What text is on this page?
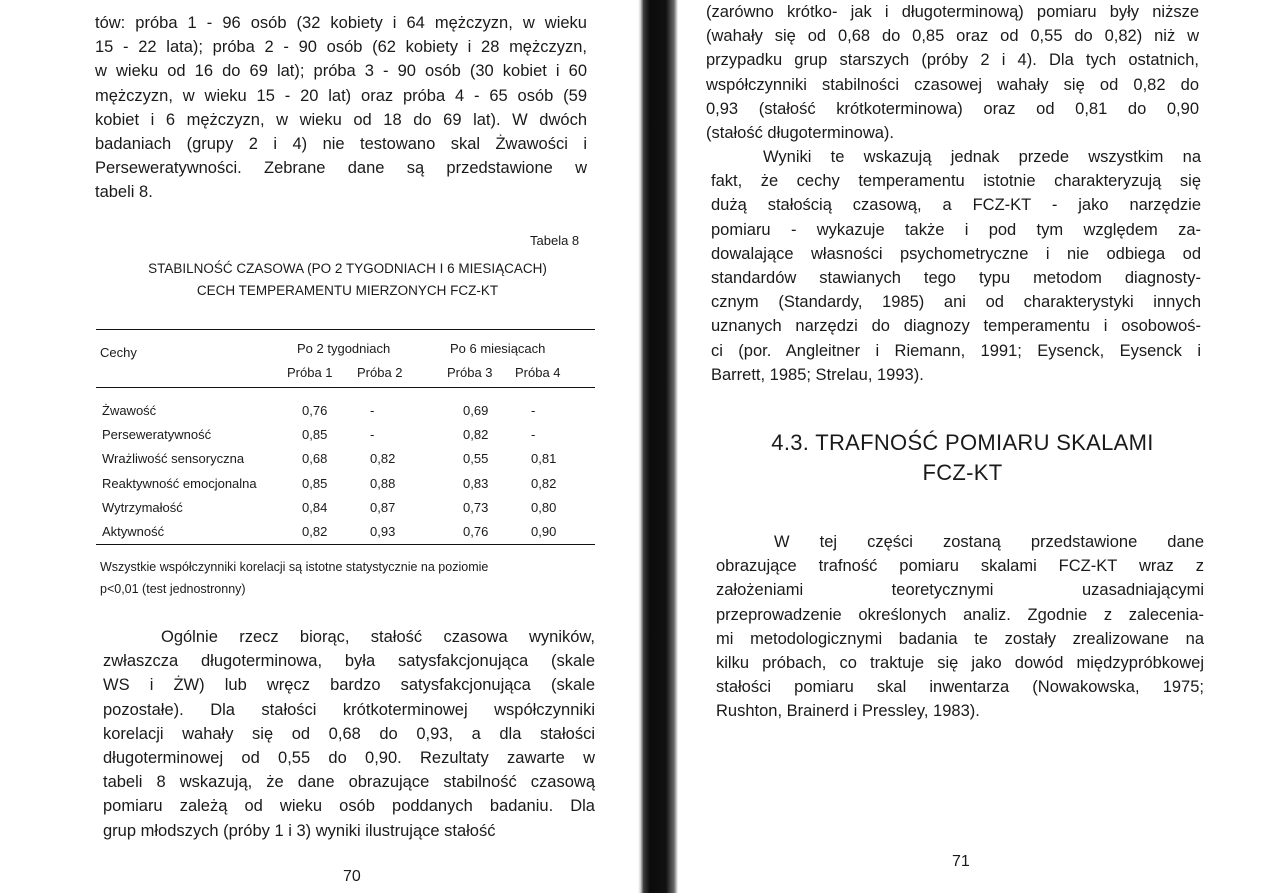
tów: próba 1 - 96 osób (32 kobiety i 64 mężczyzn, w wieku
15 - 22 lata); próba 2 - 90 osób (62 kobiety i 28 mężczyzn,
w wieku od 16 do 69 lat); próba 3 - 90 osób (30 kobiet i 60
mężczyzn, w wieku 15 - 20 lat) oraz próba 4 - 65 osób (59
kobiet i 6 mężczyzn, w wieku od 18 do 69 lat). W dwóch
badaniach (grupy 2 i 4) nie testowano skal Żwawości i
Perseweratywności. Zebrane dane są przedstawione w
tabeli 8.
Tabela 8
STABILNOŚĆ CZASOWA (PO 2 TYGODNIACH I 6 MIESIĄCACH)
CECH TEMPERAMENTU MIERZONYCH FCZ-KT
Cechy	Po 2 tygodniach	Po 6 miesiącach
Próba 1 Próba 2	Próba 3 Próba 4
Żwawość	0,76	-	0,69	-
Perseweratywność	0,85	-	0,82	-
Wrażliwość sensoryczna	0,68	0,82	0,55	0,81
Reaktywność emocjonalna	0,85	0,88	0,83	0,82
Wytrzymałość	0,84	0,87	0,73	0,80
Aktywność	0,82	0,93	0,76	0,90
Wszystkie współczynniki korelacji są istotne statystycznie na poziomie
p<0,01 (test jednostronny)
Ogólnie rzecz biorąc, stałość czasowa wyników,
zwłaszcza długoterminowa, była satysfakcjonująca (skale
WS i ŻW) lub wręcz bardzo satysfakcjonująca (skale
pozostałe). Dla stałości krótkoterminowej współczynniki
korelacji wahały się od 0,68 do 0,93, a dla stałości
długoterminowej od 0,55 do 0,90. Rezultaty zawarte w
tabeli 8 wskazują, że dane obrazujące stabilność czasową
pomiaru zależą od wieku osób poddanych badaniu. Dla
grup młodszych (próby 1 i 3) wyniki ilustrujące stałość
70
(zarówno krótko- jak i długoterminową) pomiaru były niższe
(wahały się od 0,68 do 0,85 oraz od 0,55 do 0,82) niż w
przypadku grup starszych (próby 2 i 4). Dla tych ostatnich,
współczynniki stabilności czasowej wahały się od 0,82 do
0,93 (stałość krótkoterminowa) oraz od 0,81 do 0,90
(stałość długoterminowa).
Wyniki te wskazują jednak przede wszystkim na
fakt, że cechy temperamentu istotnie charakteryzują się
dużą stałością czasową, a FCZ-KT - jako narzędzie
pomiaru - wykazuje także i pod tym względem za-
dowalające własności psychometryczne i nie odbiega od
standardów stawianych tego typu metodom diagnosty-
cznym (Standardy, 1985) ani od charakterystyki innych
uznanych narzędzi do diagnozy temperamentu i osobowoś-
ci (por. Angleitner i Riemann, 1991; Eysenck, Eysenck i
Barrett, 1985; Strelau, 1993).
4.3. TRAFNOŚĆ POMIARU SKALAMI
FCZ-KT
W tej części zostaną przedstawione dane
obrazujące trafność pomiaru skalami FCZ-KT wraz z
założeniami teoretycznymi uzasadniającymi
przeprowadzenie określonych analiz. Zgodnie z zalecenia-
mi metodologicznymi badania te zostały zrealizowane na
kilku próbach, co traktuje się jako dowód międzypróbkowej
stałości pomiaru skal inwentarza (Nowakowska, 1975;
Rushton, Brainerd i Pressley, 1983).
71
